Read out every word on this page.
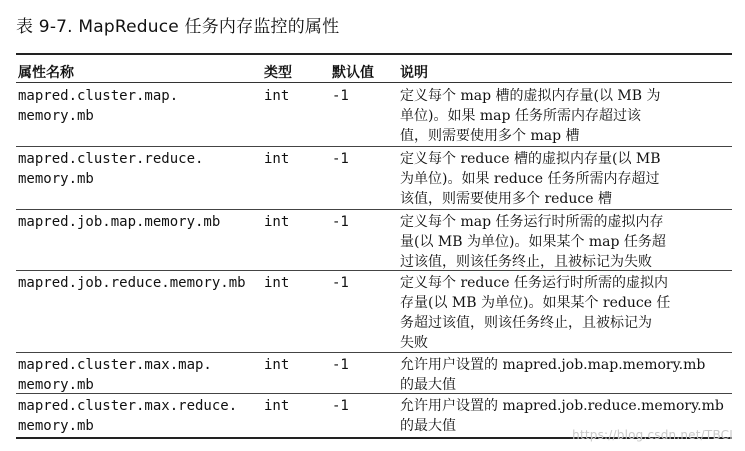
表 9-7. MapReduce 任务内存监控的属性
属性名称	类型	默认值 说明
mapred.cluster.map.
memory.mb
int	-1	定义每个 map 槽的虚拟内存量(以 MB 为
单位)。如果 map 任务所需内存超过该
值，则需要使用多个 map 槽
mapred.cluster.reduce.
memory.mb
int	-1	定义每个 reduce 槽的虚拟内存量(以 MB
为单位)。如果 reduce 任务所需内存超过
该值，则需要使用多个 reduce 槽
mapred.job.map.memory.mb	int	-1	定义每个 map 任务运行时所需的虚拟内存
量(以 MB 为单位)。如果某个 map 任务超
过该值，则该任务终止，且被标记为失败
mapred.job.reduce.memory.mb	int	-1	定义每个 reduce 任务运行时所需的虚拟内
存量(以 MB 为单位)。如果某个 reduce 任
务超过该值，则该任务终止，且被标记为
失败
mapred.cluster.max.map.
memory.mb
int	-1	允许用户设置的 mapred.job.map.memory.mb
的最大值
mapred.cluster.max.reduce.
memory.mb
int	-1	允许用户设置的 mapred.job.reduce.memory.mb
的最大值
https://blog.csdn.net/TBCI
